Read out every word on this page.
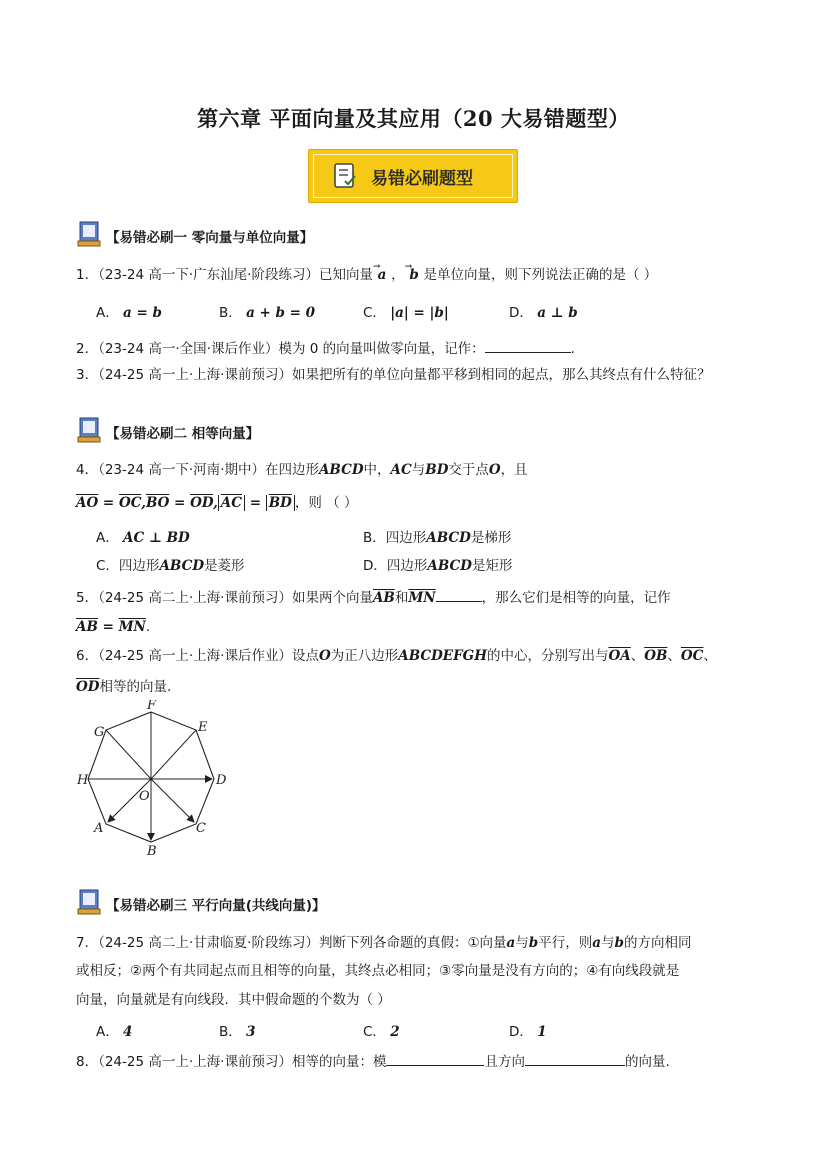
第六章 平面向量及其应用（20 大易错题型）
易错必刷题型
【易错必刷一 零向量与单位向量】
1．（23-24 高一下·广东汕尾·阶段练习）已知向量 a
→ ， b
→ 是单位向量，则下列说法正确的是（ ）
A． a = b	B． a + b = 0	C． |a| = |b|	D． a ⊥ b
2．（23-24 高一·全国·课后作业）模为 0 的向量叫做零向量，记作：	.
3．（24-25 高一上·上海·课前预习）如果把所有的单位向量都平移到相同的起点，那么其终点有什么特征？
【易错必刷二 相等向量】
4．（23-24 高一下·河南·期中）在四边形ABCD中，AC与BD交于点O，且
$\overline{AO} = \overline{OC},\overline{BO} = \overline{OD}$, $\overline{AC} = \overline{BD}$ ，则 （ ）
A． AC ⊥ BD	B．四边形ABCD是梯形
C．四边形ABCD是菱形	D．四边形ABCD是矩形
5．（24-25 高二上·上海·课前预习）如果两个向量$\overline{AB}$和$\overline{MN}$	，那么它们是相等的向量，记作
$\overline{AB} = \overline{MN}$.
6．（24-25 高一上·上海·课后作业）设点O为正八边形ABCDEFGH的中心，分别写出与$\overline{OA}$、$\overline{OB}$、$\overline{OC}$、
$\overline{OD}$相等的向量.
F
E
G
H	D
O
A	C
B
【易错必刷三 平行向量(共线向量)】
7．（24-25 高二上·甘肃临夏·阶段练习）判断下列各命题的真假：①向量a与b平行，则a与b的方向相同
或相反；②两个有共同起点而且相等的向量，其终点必相同；③零向量是没有方向的；④有向线段就是
向量，向量就是有向线段．其中假命题的个数为（ ）
A． 4	B． 3	C． 2	D． 1
8．（24-25 高一上·上海·课前预习）相等的向量：模	且方向	的向量.
